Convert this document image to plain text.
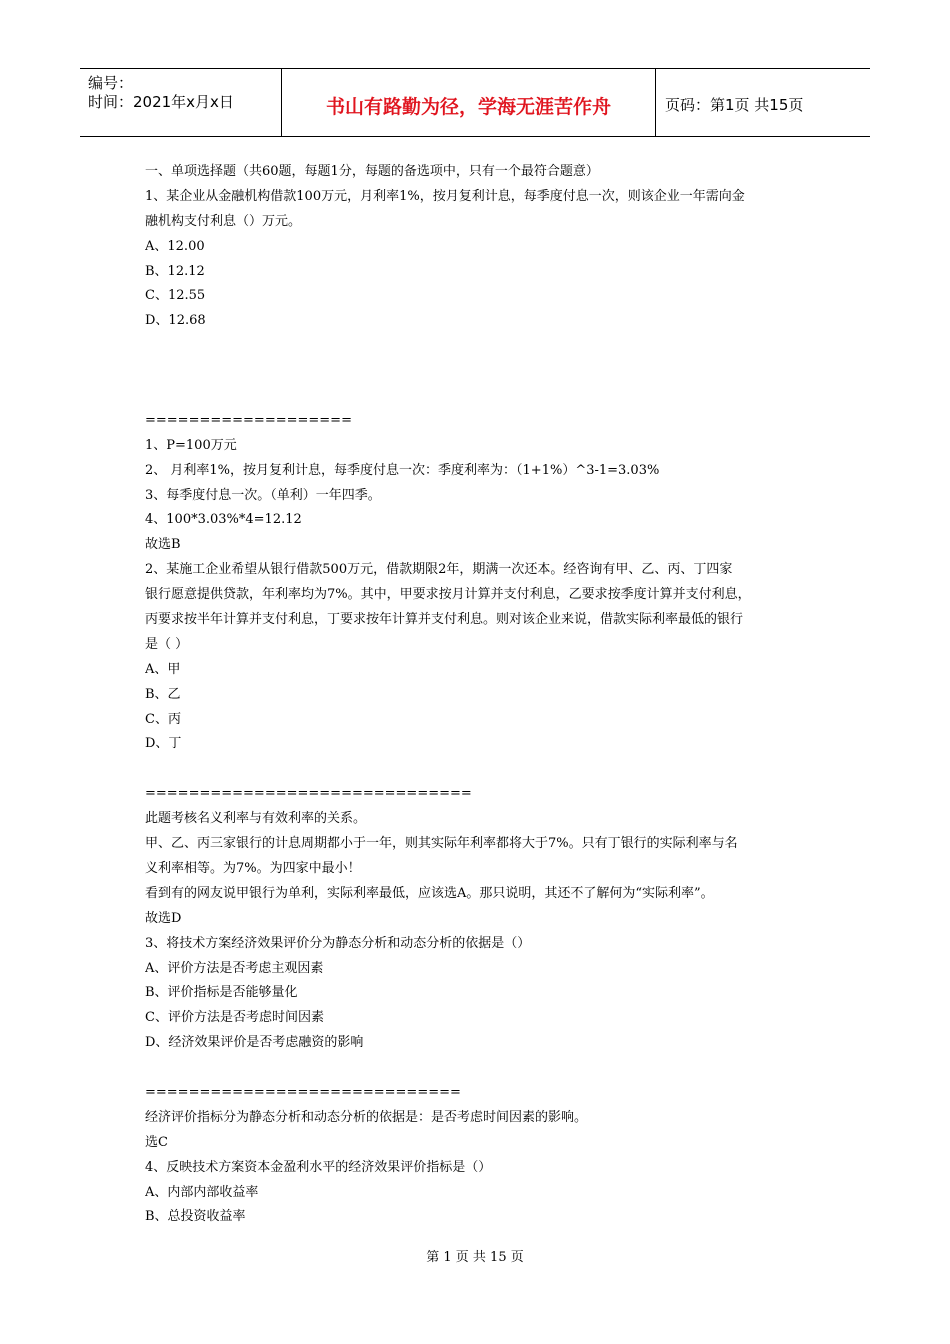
编号：
时间：2021年x月x日	书山有路勤为径，学海无涯苦作舟	页码：第1页 共15页
一、单项选择题（共60题，每题1分，每题的备选项中，只有一个最符合题意）
1、某企业从金融机构借款100万元，月利率1%，按月复利计息，每季度付息一次，则该企业一年需向金
融机构支付利息（）万元。
A、12.00
B、12.12
C、12.55
D、12.68
===================
1、P=100万元
2、 月利率1%，按月复利计息，每季度付息一次：季度利率为：（1+1%）^3-1=3.03%
3、每季度付息一次。（单利）一年四季。
4、100*3.03%*4=12.12
故选B
2、某施工企业希望从银行借款500万元，借款期限2年，期满一次还本。经咨询有甲、乙、丙、丁四家
银行愿意提供贷款，年利率均为7%。其中，甲要求按月计算并支付利息，乙要求按季度计算并支付利息，
丙要求按半年计算并支付利息，丁要求按年计算并支付利息。则对该企业来说，借款实际利率最低的银行
是（ ）
A、甲
B、乙
C、丙
D、丁
==============================
此题考核名义利率与有效利率的关系。
甲、乙、丙三家银行的计息周期都小于一年，则其实际年利率都将大于7%。只有丁银行的实际利率与名
义利率相等。为7%。为四家中最小！
看到有的网友说甲银行为单利，实际利率最低，应该选A。那只说明，其还不了解何为“实际利率”。
故选D
3、将技术方案经济效果评价分为静态分析和动态分析的依据是（）
A、评价方法是否考虑主观因素
B、评价指标是否能够量化
C、评价方法是否考虑时间因素
D、经济效果评价是否考虑融资的影响
=============================
经济评价指标分为静态分析和动态分析的依据是：是否考虑时间因素的影响。
选C
4、反映技术方案资本金盈利水平的经济效果评价指标是（）
A、内部内部收益率
B、总投资收益率
第 1 页 共 15 页
